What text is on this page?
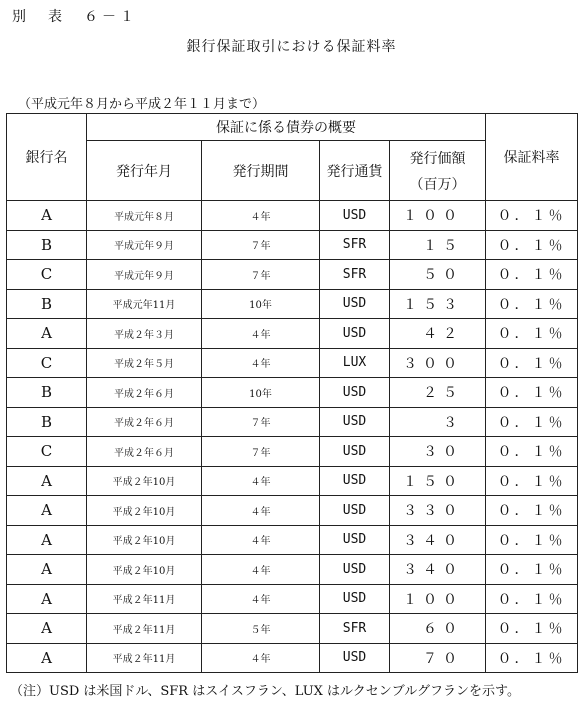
別　表　６－１
銀行保証取引における保証料率
（平成元年８月から平成２年１１月まで）
銀行名	保証に係る債券の概要				保証料率
	発行年月	発行期間	発行通貨	発行価額
（百万）	

A	平成元年８月	４年	USD	１００	０．１％
B	平成元年９月	７年	SFR	１５	０．１％
C	平成元年９月	７年	SFR	５０	０．１％
B	平成元年11月	10年	USD	１５３	０．１％
A	平成２年３月	４年	USD	４２	０．１％
C	平成２年５月	４年	LUX	３００	０．１％
B	平成２年６月	10年	USD	２５	０．１％
B	平成２年６月	７年	USD	３	０．１％
C	平成２年６月	７年	USD	３０	０．１％
A	平成２年10月	４年	USD	１５０	０．１％
A	平成２年10月	４年	USD	３３０	０．１％
A	平成２年10月	４年	USD	３４０	０．１％
A	平成２年10月	４年	USD	３４０	０．１％
A	平成２年11月	４年	USD	１００	０．１％
A	平成２年11月	５年	SFR	６０	０．１％
A	平成２年11月	４年	USD	７０	０．１％
（注）USD は米国ドル、SFR はスイスフラン、LUX はルクセンブルグフランを示す。
